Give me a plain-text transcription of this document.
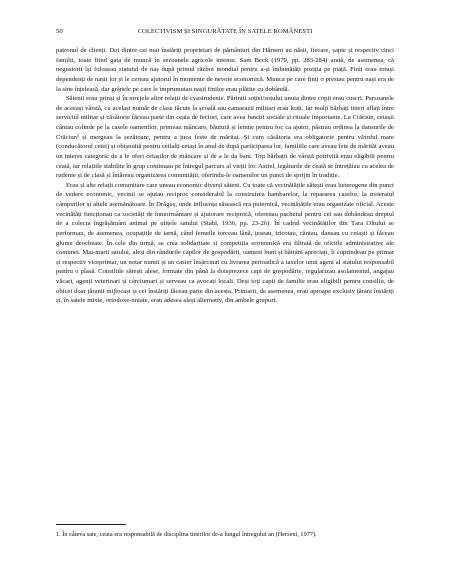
50	COLECTIVISM ȘI SINGURĂTATE ÎN SATELE ROMÂNEȘTI

patronul de clienți. Doi dintre cei mai înstăriți proprietari de pământuri din Hărseni au năsit, fiecare, șapte și respectiv cinci familii, toate fiind gata de muncă în sezoanele agricole intense. Sam Beck (1979, pp. 283-284) arată, de asemenea, că negustorii își foloseau statutul de naș după primul război mondial pentru a-și îmbunătăți poziția pe piață. Finii erau totuși dependenți de nașii lor și le cereau ajutorul în momente de nevoie economică. Munca pe care finii o prestau pentru nași era de la sine înțeleasă, dar grânele pe care le împrumutau nașii finilor erau plătite cu dobândă.

Sătenii erau prinși și în mrejele altor relații de cvasirudenie. Părinții soției/soțului unuia dintre copii erau cuscri. Persoanele de aceeași vârstă, cu același număr de clase făcute la școală sau camarazii militari erau leați. Iar mulți bărbați tineri aflați între serviciul militar și căsătorie făceau parte din ceata de feciori, care avea funcții sociale și rituale importante. La Crăciun, cetașii cântau colinde pe la casele oamenilor, primeau mâncare, băutură și lemne pentru foc ca ajutor, păstrau ordinea la dansurile de Crăciun¹ și mergeau la șezătoare, pentru a juca feste de măritat. Și cum căsătoria era obligatorie pentru văταful mare (conducătorul cetei) și obișnuită pentru ceilalți cetași în anul de după participarea lor, familiile care aveau fete de mărităt aveau un interes categoric de a le oferi cetașilor de mâncare și de a le da bani. Toți bărbații de vârstă potrivită erau eligibili pentru ceată, iar relațiile stabilite în grup continuau pe întregul parcurs al vieții lor. Astfel, legăturile de ceată se întrețăiau cu acelea de rudenie și de clasă și întăreau organizarea comunității, oferindu-le oamenilor un punct de sprijin în tradiție.

Erau și alte relații comunitare care uneau economic diverși săteni. Cu toate că vecinătățile sătești erau heterogene din punct de vedere economic, vecinii se ajutau reciproc considerabil la construirea hambarelor, la repararea caselor, la treieratul câmpurilor și altele asemănătoare. În Drăguș, unde influența săsească era puternică, vecinătățile erau organizate oficial. Aceste vecinătăți funcționau ca societăți de înmormântare și ajutorare reciprocă, oferenau pachetul pentru cei sau dobândeau dreptul de a colecta îngrășământ animal pe ulițele satului (Stahl, 1936, pp. 23-26). În cadrul vecinătăților din Țara Oltului se performau, de asemenea, ocupațiile de iarnă, când femeile torceau lână, țeseau, tricotau, cântau, dansau cu cetașii și făceau glume deocheate. În cele din urmă, se crea solidaritate și competiția economică era filtrată de oficiile administrative ale comunei. Mai-marii satului, aleși din rândurile capilor de gospodării, oameni buni și bătrâni apreciați, îi cuprindeau pe primar și respectiv viceprimar, un notar numit și un casier însărcinat cu livrarea perioadică a taxelor unui agent al statului responsabil pentru o plasă. Consiliile sătești alese, formate din până la doisprezece capi de gospodărie, regularizau asolamentul, angajau văcari, agenți veterinari și cârciumari și serveau ca avocați locali. Deși toți capii de familie erau eligibili pentru consiliu, de obicei doar țăranii mijlocași și cei înstăriți făceau parte din acesta. Primarii, de asemenea, erau aproape exclusiv țărani înstăriți și, în satele mixte, ortodoxe-uniate, erau adesea aleși alternativ, din ambele grupuri.

1. În câteva sate, ceata era responsabilă de disciplina tinerilor de-a lungul întregului an (Herseni, 1977).
